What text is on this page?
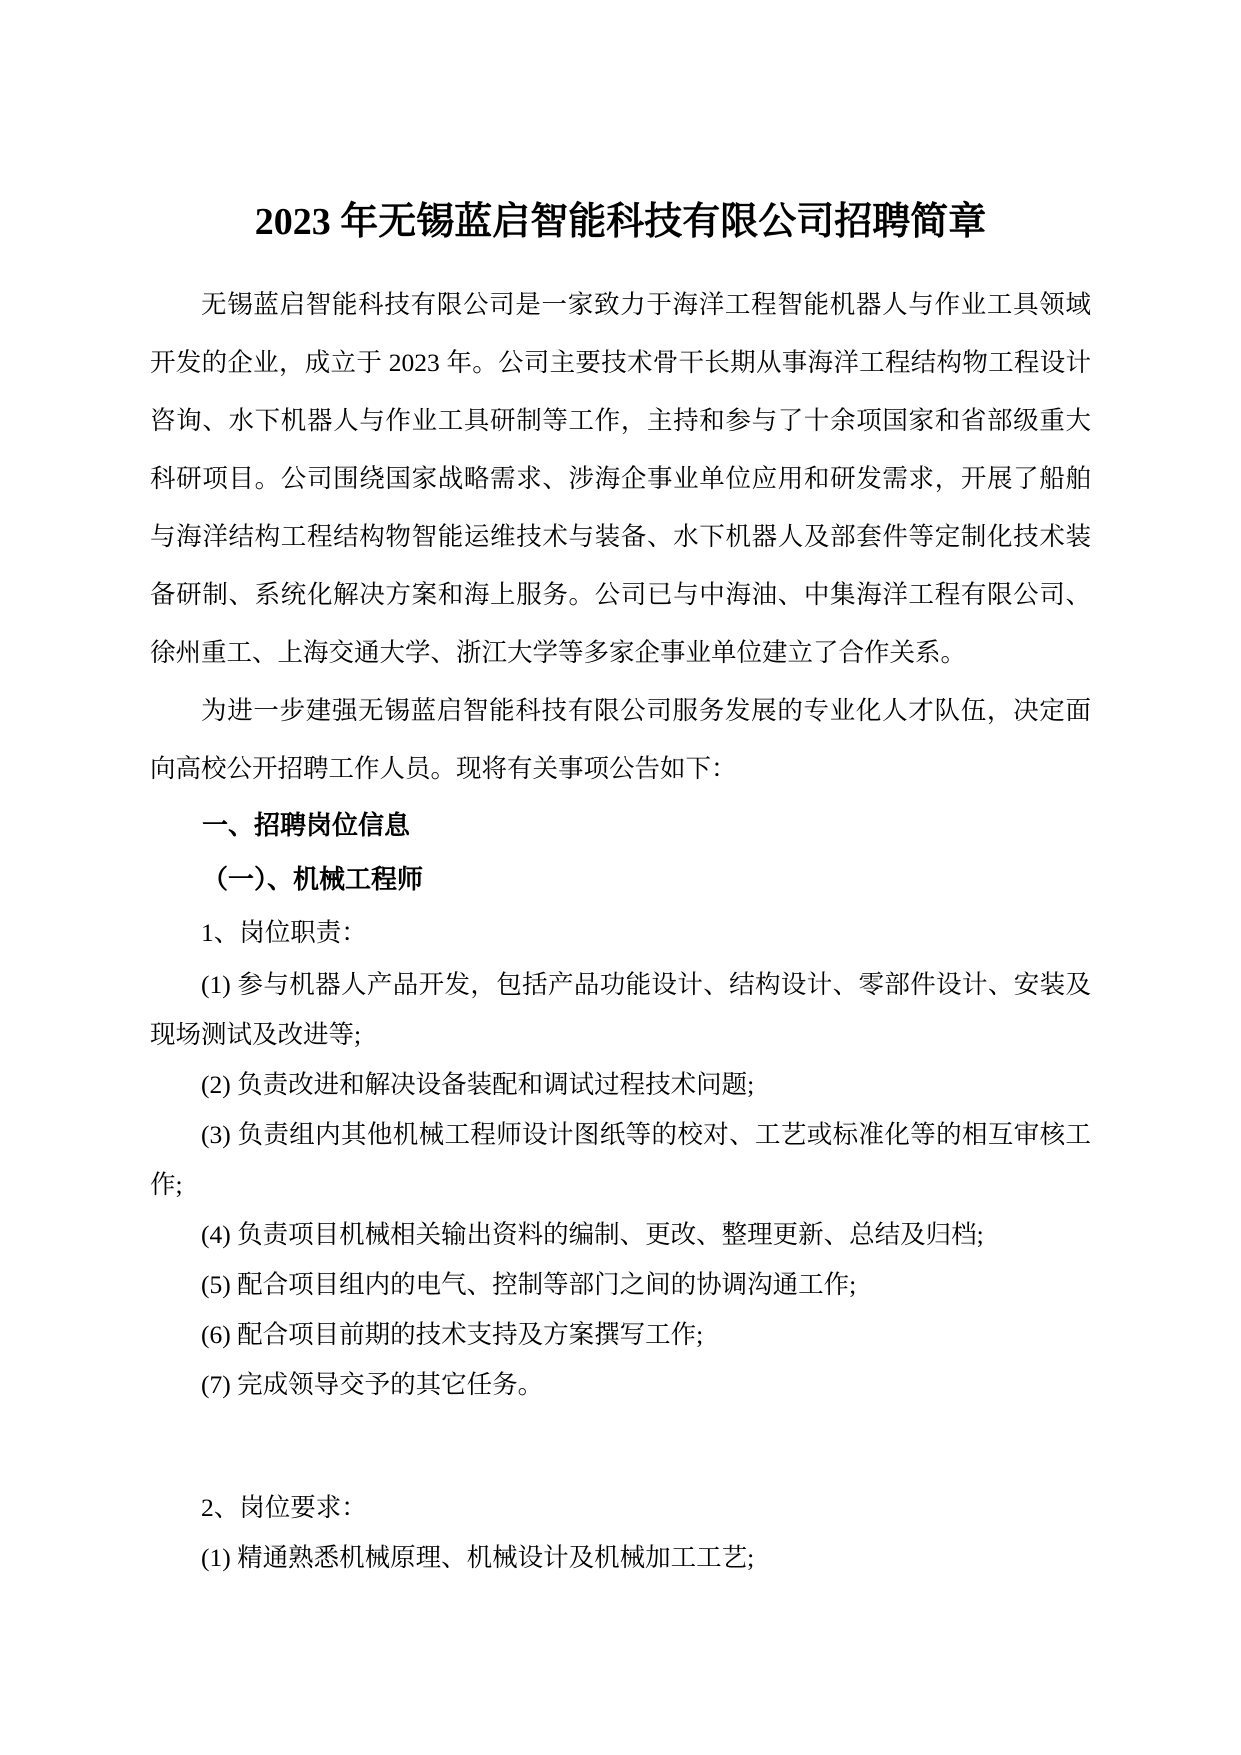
2023 年无锡蓝启智能科技有限公司招聘简章

无锡蓝启智能科技有限公司是一家致力于海洋工程智能机器人与作业工具领域开发的企业，成立于 2023 年。公司主要技术骨干长期从事海洋工程结构物工程设计咨询、水下机器人与作业工具研制等工作，主持和参与了十余项国家和省部级重大科研项目。公司围绕国家战略需求、涉海企事业单位应用和研发需求，开展了船舶与海洋结构工程结构物智能运维技术与装备、水下机器人及部套件等定制化技术装备研制、系统化解决方案和海上服务。公司已与中海油、中集海洋工程有限公司、徐州重工、上海交通大学、浙江大学等多家企事业单位建立了合作关系。

为进一步建强无锡蓝启智能科技有限公司服务发展的专业化人才队伍，决定面向高校公开招聘工作人员。现将有关事项公告如下：

一、招聘岗位信息
（一）、机械工程师

1、岗位职责：

(1) 参与机器人产品开发，包括产品功能设计、结构设计、零部件设计、安装及现场测试及改进等;

(2) 负责改进和解决设备装配和调试过程技术问题;

(3) 负责组内其他机械工程师设计图纸等的校对、工艺或标准化等的相互审核工作;

(4) 负责项目机械相关输出资料的编制、更改、整理更新、总结及归档;

(5) 配合项目组内的电气、控制等部门之间的协调沟通工作;

(6) 配合项目前期的技术支持及方案撰写工作;

(7) 完成领导交予的其它任务。

2、岗位要求：

(1) 精通熟悉机械原理、机械设计及机械加工工艺;
